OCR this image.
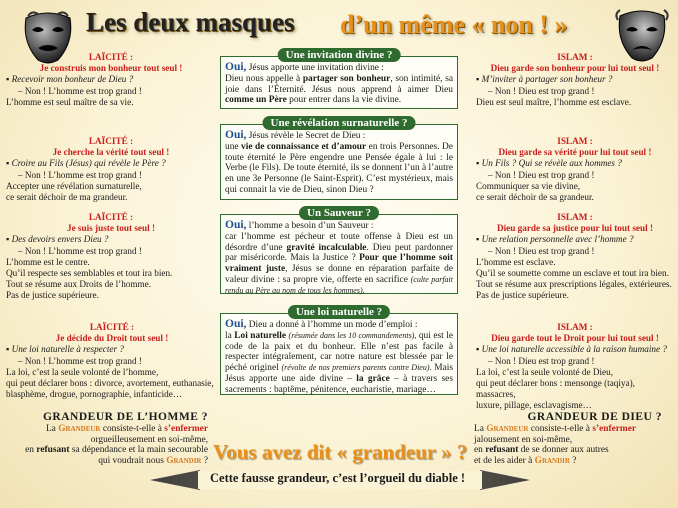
Les deux masques d’un même « non ! »
LAÏCITÉ :
Je construis mon bonheur tout seul !
▪ Recevoir mon bonheur de Dieu ?
– Non ! L’homme est trop grand !
L’homme est seul maître de sa vie.
LAÏCITÉ :
Je cherche la vérité tout seul !
▪ Croire au Fils (Jésus) qui révèle le Père ?
– Non ! L’homme est trop grand !
Accepter une révélation surnaturelle,
ce serait déchoir de ma grandeur.
LAÏCITÉ :
Je suis juste tout seul !
▪ Des devoirs envers Dieu ?
– Non ! L’homme est trop grand !
L’homme est le centre.
Qu’il respecte ses semblables et tout ira bien.
Tout se résume aux Droits de l’homme.
Pas de justice supérieure.
LAÏCITÉ :
Je décide du Droit tout seul !
▪ Une loi naturelle à respecter ?
– Non ! L’homme est trop grand !
La loi, c’est la seule volonté de l’homme,
qui peut déclarer bons : divorce, avortement, euthanasie,
blasphème, drogue, pornographie, infanticide…
ISLAM :
Dieu garde son bonheur pour lui tout seul !
▪ M’inviter à partager son bonheur ?
– Non ! Dieu est trop grand !
Dieu est seul maître, l’homme est esclave.
ISLAM :
Dieu garde sa vérité pour lui tout seul !
▪ Un Fils ? Qui se révèle aux hommes ?
– Non ! Dieu est trop grand !
Communiquer sa vie divine,
ce serait déchoir de sa grandeur.
ISLAM :
Dieu garde sa justice pour lui tout seul !
▪ Une relation personnelle avec l’homme ?
– Non ! Dieu est trop grand !
L’homme est esclave.
Qu’il se soumette comme un esclave et tout ira bien.
Tout se résume aux prescriptions légales, extérieures.
Pas de justice supérieure.
ISLAM :
Dieu garde tout le Droit pour lui tout seul !
▪ Une loi naturelle accessible à la raison humaine ?
– Non ! Dieu est trop grand !
La loi, c’est la seule volonté de Dieu,
qui peut déclarer bons : mensonge (taqiya), massacres,
luxure, pillage, esclavagisme…
Une invitation divine ?
Oui, Jésus apporte une invitation divine :
Dieu nous appelle à partager son bonheur, son intimité, sa joie dans l’Éternité. Jésus nous apprend à aimer Dieu comme un Père pour entrer dans la vie divine.
Une révélation surnaturelle ?
Oui, Jésus révèle le Secret de Dieu :
une vie de connaissance et d’amour en trois Personnes. De toute éternité le Père engendre une Pensée égale à lui : le Verbe (le Fils). De toute éternité, ils se donnent l’un à l’autre en une 3e Personne (le Saint-Esprit). C’est mystérieux, mais qui connait la vie de Dieu, sinon Dieu ?
Un Sauveur ?
Oui, l’homme a besoin d’un Sauveur :
car l’homme est pécheur et toute offense à Dieu est un désordre d’une gravité incalculable. Dieu peut pardonner par miséricorde. Mais la Justice ? Pour que l’homme soit vraiment juste, Jésus se donne en réparation parfaite de valeur divine : sa propre vie, offerte en sacrifice (culte parfait rendu au Père au nom de tous les hommes).
Une loi naturelle ?
Oui, Dieu a donné à l’homme un mode d’emploi :
la Loi naturelle (résumée dans les 10 commandements), qui est le code de la paix et du bonheur. Elle n’est pas facile à respecter intégralement, car notre nature est blessée par le péché originel (révolte de nos premiers parents contre Dieu). Mais Jésus apporte une aide divine – la grâce – à travers ses sacrements : baptême, pénitence, eucharistie, mariage…
GRANDEUR DE L’HOMME ?
La Grandeur consiste-t-elle à s’enfermer
orgueilleusement en soi-même,
en refusant sa dépendance et la main secourable
qui voudrait nous Grandir ?
GRANDEUR DE DIEU ?
La Grandeur consiste-t-elle à s’enfermer
jalousement en soi-même,
en refusant de se donner aux autres
et de les aider à Grandir ?
Vous avez dit « grandeur » ?
Cette fausse grandeur, c’est l’orgueil du diable !
